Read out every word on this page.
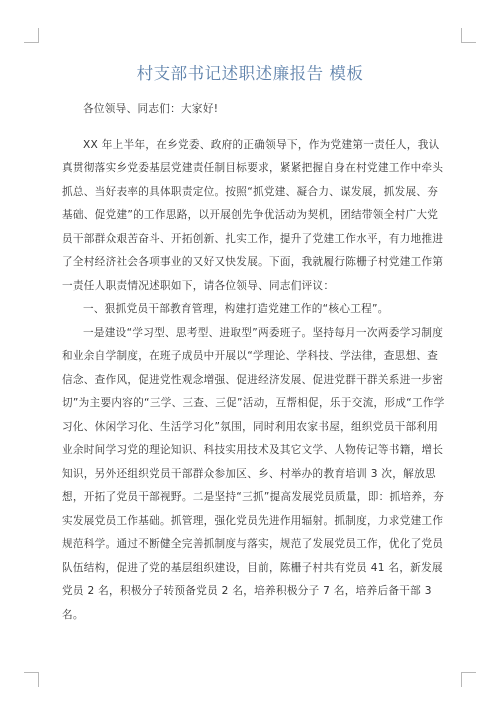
村支部书记述职述廉报告 模板

各位领导、同志们：大家好!

XX 年上半年，在乡党委、政府的正确领导下，作为党建第一责任人，我认真贯彻落实乡党委基层党建责任制目标要求，紧紧把握自身在村党建工作中牵头抓总、当好表率的具体职责定位。按照“抓党建、凝合力、谋发展，抓发展、夯基础、促党建”的工作思路，以开展创先争优活动为契机，团结带领全村广大党员干部群众艰苦奋斗、开拓创新、扎实工作，提升了党建工作水平，有力地推进了全村经济社会各项事业的又好又快发展。下面，我就履行陈栅子村党建工作第一责任人职责情况述职如下，请各位领导、同志们评议：

一、狠抓党员干部教育管理，构建打造党建工作的“核心工程”。

一是建设“学习型、思考型、进取型”两委班子。坚持每月一次两委学习制度和业余自学制度，在班子成员中开展以“学理论、学科技、学法律，查思想、查信念、查作风，促进党性观念增强、促进经济发展、促进党群干群关系进一步密切”为主要内容的“三学、三查、三促”活动，互帮相促，乐于交流，形成“工作学习化、休闲学习化、生活学习化”氛围，同时利用农家书屋，组织党员干部利用业余时间学习党的理论知识、科技实用技术及其它文学、人物传记等书籍，增长知识，另外还组织党员干部群众参加区、乡、村举办的教育培训 3 次，解放思想，开拓了党员干部视野。二是坚持“三抓”提高发展党员质量，即：抓培养，夯实发展党员工作基础。抓管理，强化党员先进作用辐射。抓制度，力求党建工作规范科学。通过不断健全完善抓制度与落实，规范了发展党员工作，优化了党员队伍结构，促进了党的基层组织建设，目前，陈栅子村共有党员 41 名，新发展党员 2 名，积极分子转预备党员 2 名，培养积极分子 7 名，培养后备干部 3 名。
